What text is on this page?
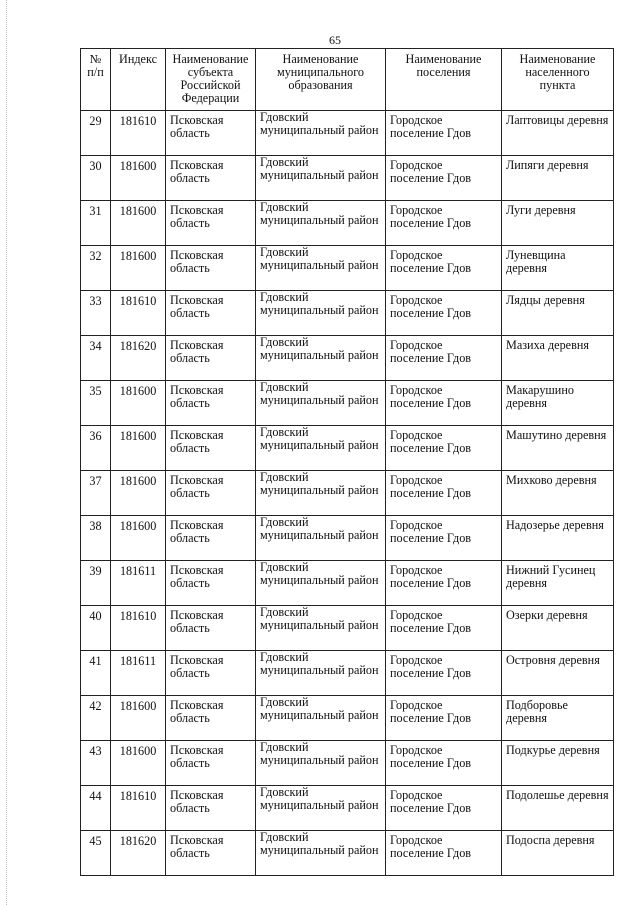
65
№ п/п	Индекс	Наименование субъекта Российской Федерации	Наименование муниципального образования	Наименование поселения	Наименование населенного пункта
29	181610	Псковская область	Гдовский муниципальный район	Городское поселение Гдов	Лаптовицы деревня
30	181600	Псковская область	Гдовский муниципальный район	Городское поселение Гдов	Липяги деревня
31	181600	Псковская область	Гдовский муниципальный район	Городское поселение Гдов	Луги деревня
32	181600	Псковская область	Гдовский муниципальный район	Городское поселение Гдов	Луневщина деревня
33	181610	Псковская область	Гдовский муниципальный район	Городское поселение Гдов	Лядцы деревня
34	181620	Псковская область	Гдовский муниципальный район	Городское поселение Гдов	Мазиха деревня
35	181600	Псковская область	Гдовский муниципальный район	Городское поселение Гдов	Макарушино деревня
36	181600	Псковская область	Гдовский муниципальный район	Городское поселение Гдов	Машутино деревня
37	181600	Псковская область	Гдовский муниципальный район	Городское поселение Гдов	Михково деревня
38	181600	Псковская область	Гдовский муниципальный район	Городское поселение Гдов	Надозерье деревня
39	181611	Псковская область	Гдовский муниципальный район	Городское поселение Гдов	Нижний Гусинец деревня
40	181610	Псковская область	Гдовский муниципальный район	Городское поселение Гдов	Озерки деревня
41	181611	Псковская область	Гдовский муниципальный район	Городское поселение Гдов	Островня деревня
42	181600	Псковская область	Гдовский муниципальный район	Городское поселение Гдов	Подборовье деревня
43	181600	Псковская область	Гдовский муниципальный район	Городское поселение Гдов	Подкурье деревня
44	181610	Псковская область	Гдовский муниципальный район	Городское поселение Гдов	Подолешье деревня
45	181620	Псковская область	Гдовский муниципальный район	Городское поселение Гдов	Подоспа деревня
